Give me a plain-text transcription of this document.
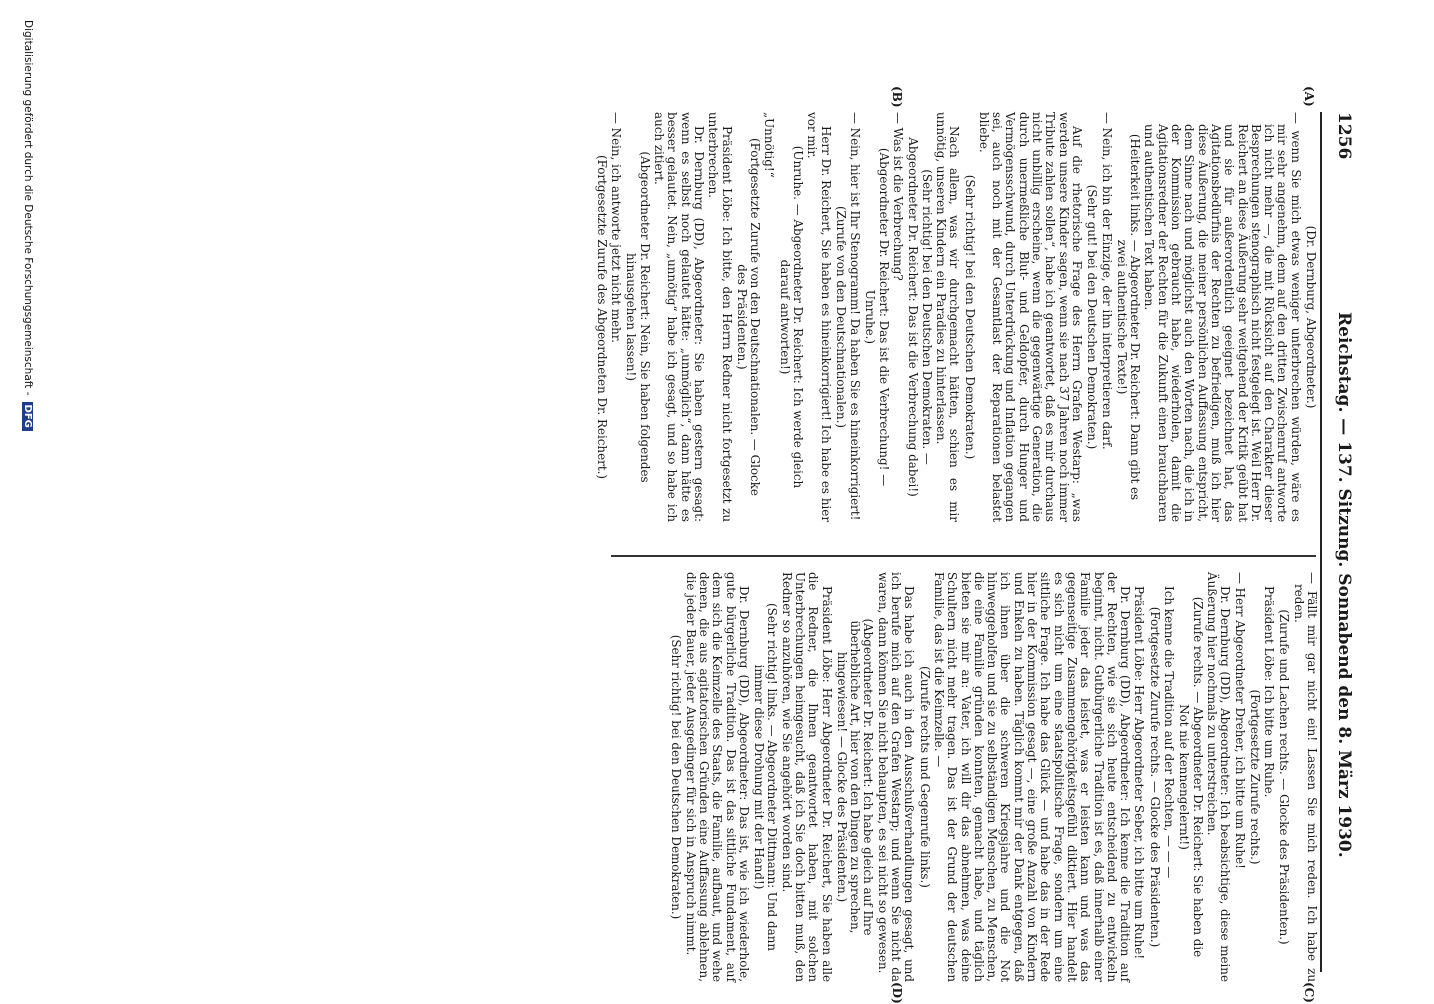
1256
Reichstag. — 137. Sitzung. Sonnabend den 8. März 1930.
(A)
(B)
(C)
(D)

(Dr. Dernburg, Abgeordneter.)

— wenn Sie mich etwas weniger unterbrechen würden, wäre es mir sehr angenehm, denn auf den dritten Zwischenruf antworte ich nicht mehr —, die mit Rücksicht auf den Charakter dieser Besprechungen stenographisch nicht festgelegt ist. Weil Herr Dr. Reichert an diese Äußerung sehr weitgehend der Kritik geübt hat und sie für außerordentlich geeignet bezeichnet hat, das Agitationsbedürfnis der Rechten zu befriedigen, muß ich hier diese Äußerung, die meiner persönlichen Auffassung entspricht, dem Sinne nach und möglichst auch den Worten nach, die ich in der Kommission gebraucht habe, wiederholen, damit die Agitationsredner der Rechten für die Zukunft einen brauchbaren und authentischen Text haben.

(Heiterkeit links. — Abgeordneter Dr. Reichert: Dann gibt es zwei authentische Texte!)

— Nein, ich bin der Einzige, der ihn interpretieren darf.

(Sehr gut! bei den Deutschen Demokraten.)

Auf die rhetorische Frage des Herrn Grafen Westarp: „was werden unsere Kinder sagen, wenn sie nach 37 Jahren noch immer Tribute zahlen sollen“, habe ich geantwortet, daß es mir durchaus nicht unbillig erscheine, wenn die gegenwärtige Generation, die durch unermeßliche Blut- und Geldopfer, durch Hunger und Vermögensschwund, durch Unterdrückung und Inflation gegangen sei, auch noch mit der Gesamtlast der Reparationen belastet bliebe.

(Sehr richtig! bei den Deutschen Demokraten.)

Nach allem, was wir durchgemacht hätten, schien es mir unnötig, unseren Kindern ein Paradies zu hinterlassen.

(Sehr richtig! bei den Deutschen Demokraten. — Abgeordneter Dr. Reichert: Das ist die Verbrechung dabei!)

— Was ist die Verbrechung?

(Abgeordneter Dr. Reichert: Das ist die Verbrechung! — Unruhe.)

— Nein, hier ist Ihr Stenogramm! Da haben Sie es hineinkorrigiert!

(Zurufe von den Deutschnationalen.)

Herr Dr. Reichert, Sie haben es hineinkorrigiert! Ich habe es hier vor mir.

(Unruhe. — Abgeordneter Dr. Reichert: Ich werde gleich darauf antworten!)

„Unnötig!“

(Fortgesetzte Zurufe von den Deutschnationalen. — Glocke des Präsidenten.)

Präsident Löbe: Ich bitte, den Herrn Redner nicht fortgesetzt zu unterbrechen.

Dr. Dernburg (DD), Abgeordneter: Sie haben gestern gesagt: wenn es selbst noch gelautet hätte: „unmöglich“, dann hätte es besser gelautet. Nein, „unnötig“ habe ich gesagt, und so habe ich auch zitiert.

(Abgeordneter Dr. Reichert: Nein, Sie haben folgendes hinausgehen lassen!)

— Nein, ich antworte jetzt nicht mehr.

(Fortgesetzte Zurufe des Abgeordneten Dr. Reichert.)

— Fällt mir gar nicht ein! Lassen Sie mich reden. Ich habe zu reden.

(Zurufe und Lachen rechts. — Glocke des Präsidenten.)

Präsident Löbe: Ich bitte um Ruhe.

(Fortgesetzte Zurufe rechts.)

— Herr Abgeordneter Dreher, ich bitte um Ruhe!

Dr. Dernburg (DD), Abgeordneter: Ich beabsichtige, diese meine Äußerung hier nochmals zu unterstreichen.

(Zurufe rechts. — Abgeordneter Dr. Reichert: Sie haben die Not nie kennengelernt!)

Ich kenne die Tradition auf der Rechten, — — —

(Fortgesetzte Zurufe rechts. — Glocke des Präsidenten.)

Präsident Löbe: Herr Abgeordneter Seber, ich bitte um Ruhe!

Dr. Dernburg (DD), Abgeordneter: Ich kenne die Tradition auf der Rechten, wie sie sich heute entscheidend zu entwickeln beginnt, nicht. Gutbürgerliche Tradition ist es, daß innerhalb einer Familie jeder das leistet, was er leisten kann und was das gegenseitige Zusammengehörigkeitsgefühl diktiert. Hier handelt es sich nicht um eine staatspolitische Frage, sondern um eine sittliche Frage. Ich habe das Glück — und habe das in der Rede hier in der Kommission gesagt —, eine große Anzahl von Kindern und Enkeln zu haben. Täglich kommt mir der Dank entgegen, daß ich ihnen über die schweren Kriegsjahre und die Not hinweggeholfen und sie zu selbständigen Menschen, zu Menschen, die eine Familie gründen konnten, gemacht habe, und täglich bieten sie mir an: Vater, ich will dir das abnehmen, was deine Schultern nicht mehr tragen. Das ist der Grund der deutschen Familie, das ist die Keimzelle. —

(Zurufe rechts und Gegenrufe links.)

Das habe ich auch in den Ausschußverhandlungen gesagt, und ich berufe mich auf den Grafen Westarp; und wenn Sie nicht da waren, dann können Sie nicht behaupten, es sei nicht so gewesen.

(Abgeordneter Dr. Reichert: Ich habe gleich auf Ihre überhebliche Art, hier von den Dingen zu sprechen, hingewiesen! — Glocke des Präsidenten.)

Präsident Löbe: Herr Abgeordneter Dr. Reichert, Sie haben alle die Redner, die Ihnen geantwortet haben, mit solchen Unterbrechungen heimgesucht, daß ich Sie doch bitten muß, den Redner so anzuhören, wie Sie angehört worden sind.

(Sehr richtig! links. — Abgeordneter Dittmann: Und dann immer diese Drohung mit der Hand!)

Dr. Dernburg (DD), Abgeordneter: Das ist, wie ich wiederhole, gute bürgerliche Tradition. Das ist das sittliche Fundament, auf dem sich die Keimzelle des Staats, die Familie, aufbaut, und wehe denen, die aus agitatorischen Gründen eine Auffassung ablehnen, die jeder Bauer, jeder Ausgedinger für sich in Anspruch nimmt.

(Sehr richtig! bei den Deutschen Demokraten.)

Digitalisierung gefördert durch die Deutsche Forschungsgemeinschaft -DFG
